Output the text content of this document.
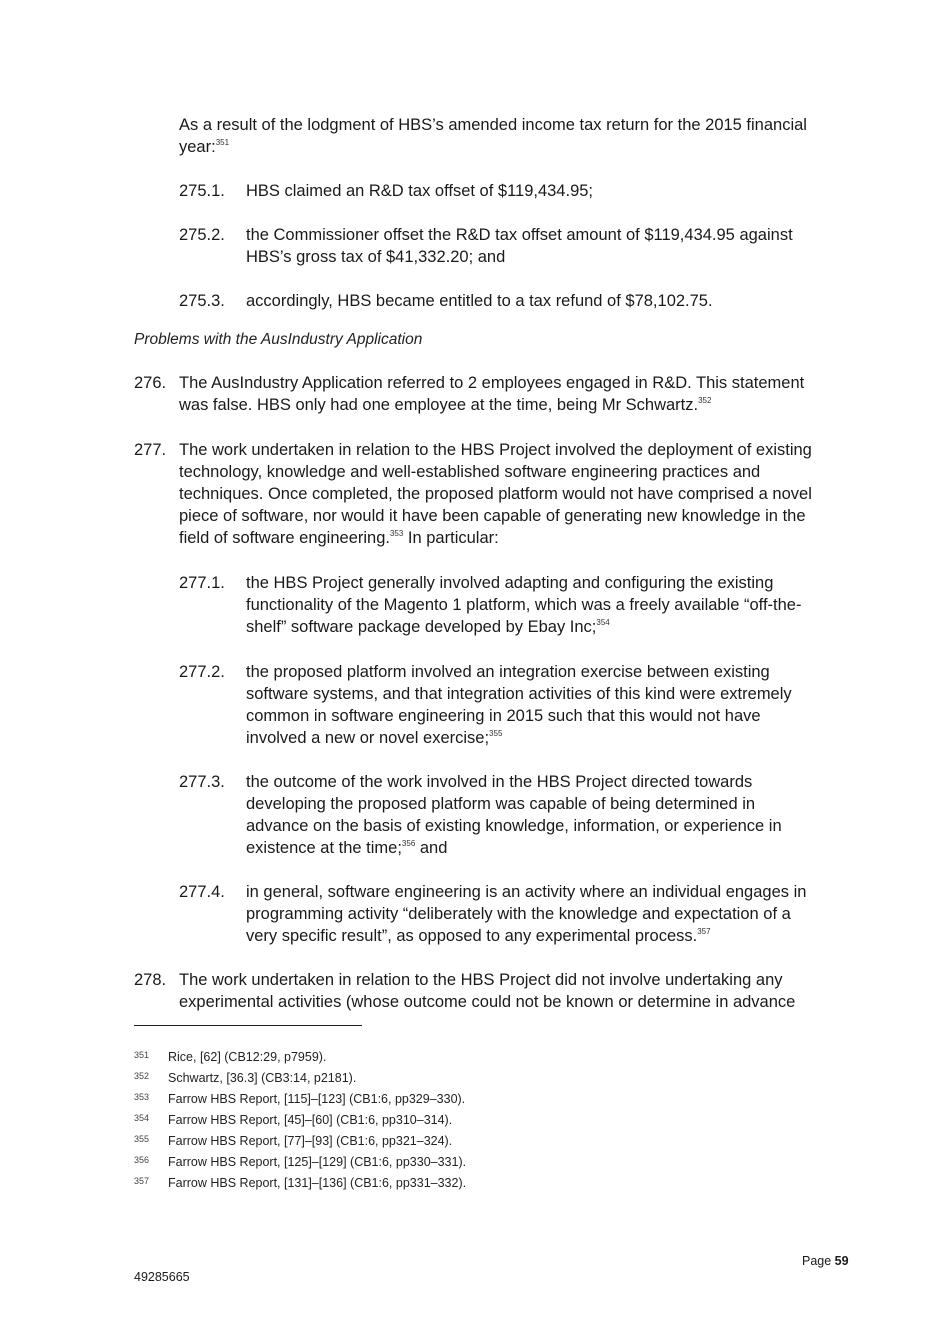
As a result of the lodgment of HBS’s amended income tax return for the 2015 financial
year:$^{351}$
275.1. HBS claimed an R&D tax offset of $119,434.95;
275.2. the Commissioner offset the R&D tax offset amount of $119,434.95 against
HBS’s gross tax of $41,332.20; and
275.3. accordingly, HBS became entitled to a tax refund of $78,102.75.
Problems with the AusIndustry Application
276. The AusIndustry Application referred to 2 employees engaged in R&D. This statement
was false. HBS only had one employee at the time, being Mr Schwartz.$^{352}$
277. The work undertaken in relation to the HBS Project involved the deployment of existing
technology, knowledge and well-established software engineering practices and
techniques. Once completed, the proposed platform would not have comprised a novel
piece of software, nor would it have been capable of generating new knowledge in the
field of software engineering.$^{353}$ In particular:
277.1. the HBS Project generally involved adapting and configuring the existing
functionality of the Magento 1 platform, which was a freely available “off-the-
shelf” software package developed by Ebay Inc;$^{354}$
277.2. the proposed platform involved an integration exercise between existing
software systems, and that integration activities of this kind were extremely
common in software engineering in 2015 such that this would not have
involved a new or novel exercise;$^{355}$
277.3. the outcome of the work involved in the HBS Project directed towards
developing the proposed platform was capable of being determined in
advance on the basis of existing knowledge, information, or experience in
existence at the time;$^{356}$ and
277.4. in general, software engineering is an activity where an individual engages in
programming activity “deliberately with the knowledge and expectation of a
very specific result”, as opposed to any experimental process.$^{357}$
278. The work undertaken in relation to the HBS Project did not involve undertaking any
experimental activities (whose outcome could not be known or determine in advance
351 Rice, [62] (CB12:29, p7959).
352 Schwartz, [36.3] (CB3:14, p2181).
353 Farrow HBS Report, [115]–[123] (CB1:6, pp329–330).
354 Farrow HBS Report, [45]–[60] (CB1:6, pp310–314).
355 Farrow HBS Report, [77]–[93] (CB1:6, pp321–324).
356 Farrow HBS Report, [125]–[129] (CB1:6, pp330–331).
357 Farrow HBS Report, [131]–[136] (CB1:6, pp331–332).
Page 59
49285665
